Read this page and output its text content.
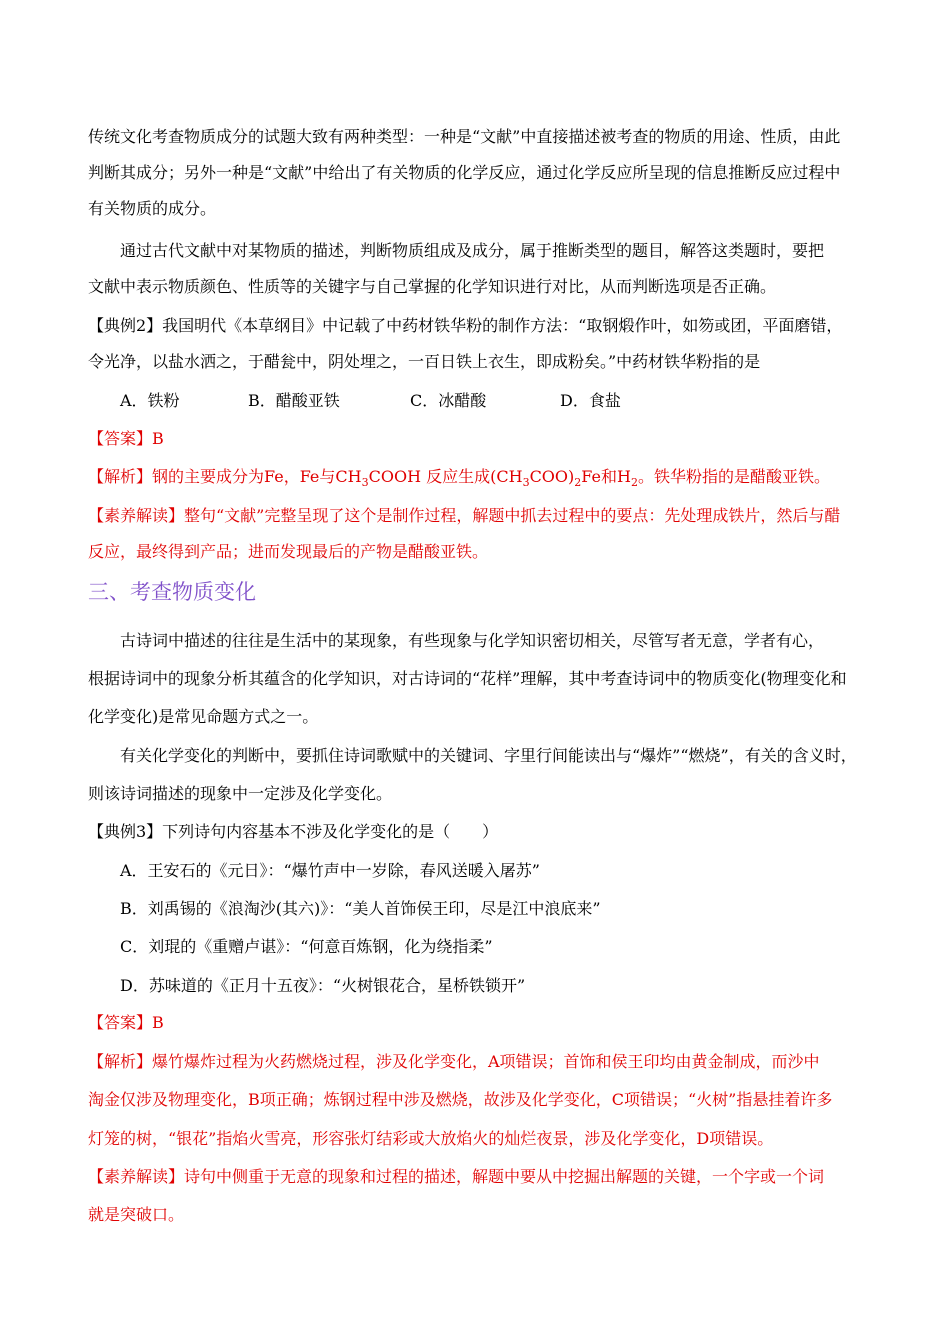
传统文化考查物质成分的试题大致有两种类型：一种是“文献”中直接描述被考查的物质的用途、性质，由此
判断其成分；另外一种是“文献”中给出了有关物质的化学反应，通过化学反应所呈现的信息推断反应过程中
有关物质的成分。
通过古代文献中对某物质的描述，判断物质组成及成分，属于推断类型的题目，解答这类题时，要把
文献中表示物质颜色、性质等的关键字与自己掌握的化学知识进行对比，从而判断选项是否正确。
【典例2】我国明代《本草纲目》中记载了中药材铁华粉的制作方法：“取钢煅作叶，如笏或团，平面磨错，
令光净，以盐水洒之，于醋瓮中，阴处埋之，一百日铁上衣生，即成粉矣。”中药材铁华粉指的是
A．铁粉	B．醋酸亚铁	C．冰醋酸	D．食盐
【答案】B
【解析】钢的主要成分为Fe，Fe与$CH_3COOH$ 反应生成$(CH_3COO)_2Fe$和$H_2$。铁华粉指的是醋酸亚铁。
【素养解读】整句“文献”完整呈现了这个是制作过程，解题中抓去过程中的要点：先处理成铁片，然后与醋
反应，最终得到产品；进而发现最后的产物是醋酸亚铁。
三、考查物质变化
古诗词中描述的往往是生活中的某现象，有些现象与化学知识密切相关，尽管写者无意，学者有心，
根据诗词中的现象分析其蕴含的化学知识，对古诗词的“花样”理解，其中考查诗词中的物质变化(物理变化和
化学变化)是常见命题方式之一。
有关化学变化的判断中，要抓住诗词歌赋中的关键词、字里行间能读出与“爆炸”“燃烧”，有关的含义时，
则该诗词描述的现象中一定涉及化学变化。
【典例3】下列诗句内容基本不涉及化学变化的是（　　）
A．王安石的《元日》：“爆竹声中一岁除，春风送暖入屠苏”
B．刘禹锡的《浪淘沙(其六)》：“美人首饰侯王印，尽是江中浪底来”
C．刘琨的《重赠卢谌》：“何意百炼钢，化为绕指柔”
D．苏味道的《正月十五夜》：“火树银花合，星桥铁锁开”
【答案】B
【解析】爆竹爆炸过程为火药燃烧过程，涉及化学变化，A项错误；首饰和侯王印均由黄金制成，而沙中
淘金仅涉及物理变化，B项正确；炼钢过程中涉及燃烧，故涉及化学变化，C项错误；“火树”指悬挂着许多
灯笼的树，“银花”指焰火雪亮，形容张灯结彩或大放焰火的灿烂夜景，涉及化学变化，D项错误。
【素养解读】诗句中侧重于无意的现象和过程的描述，解题中要从中挖掘出解题的关键，一个字或一个词
就是突破口。
